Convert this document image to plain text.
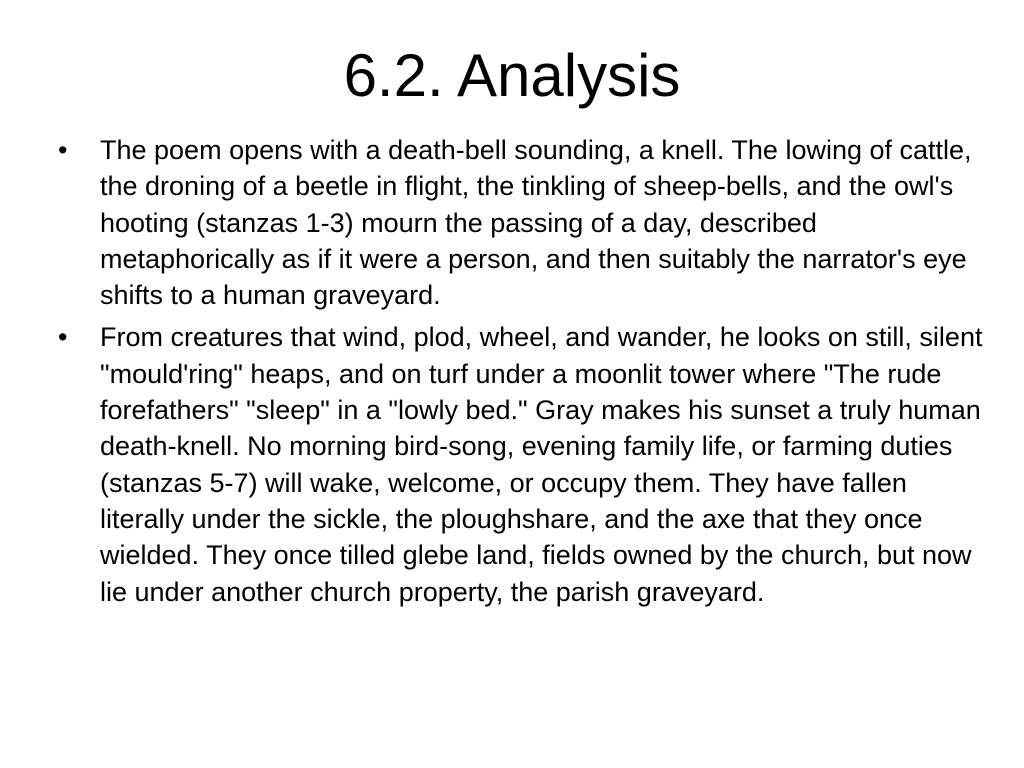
6.2. Analysis
•	The poem opens with a death-bell sounding, a knell. The lowing of cattle, the droning of a beetle in flight, the tinkling of sheep-bells, and the owl's hooting (stanzas 1-3) mourn the passing of a day, described metaphorically as if it were a person, and then suitably the narrator's eye shifts to a human graveyard.
•	From creatures that wind, plod, wheel, and wander, he looks on still, silent "mould'ring" heaps, and on turf under a moonlit tower where "The rude forefathers" "sleep" in a "lowly bed." Gray makes his sunset a truly human death-knell. No morning bird-song, evening family life, or farming duties (stanzas 5-7) will wake, welcome, or occupy them. They have fallen literally under the sickle, the ploughshare, and the axe that they once wielded. They once tilled glebe land, fields owned by the church, but now lie under another church property, the parish graveyard.
